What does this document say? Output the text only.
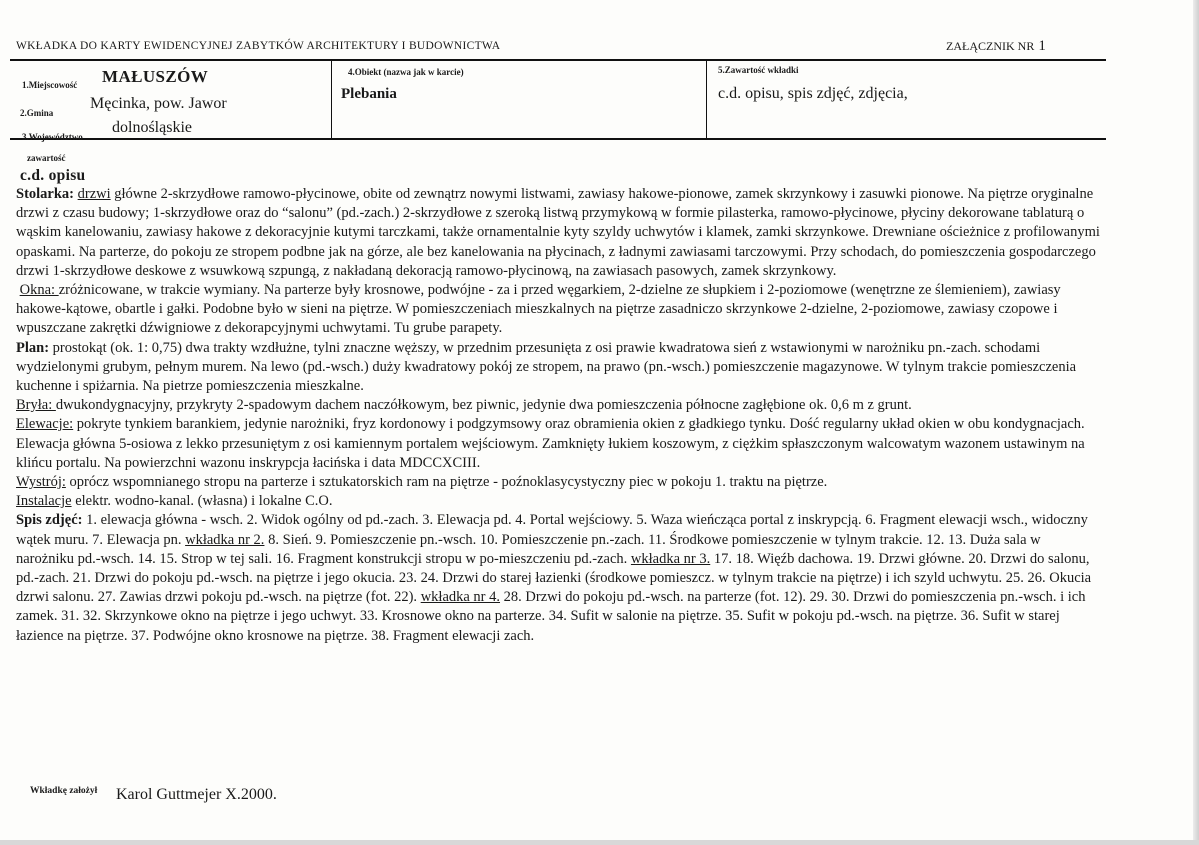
WKŁADKA DO KARTY EWIDENCYJNEJ ZABYTKÓW ARCHITEKTURY I BUDOWNICTWA	ZAŁĄCZNIK NR 1
1.Miejscowość MAŁUSZÓW
2.Gmina
Męcinka, pow. Jawor
3.Województwo
dolnośląskie
4.Obiekt (nazwa jak w karcie)
Plebania
5.Zawartość wkładki
c.d. opisu, spis zdjęć, zdjęcia,
zawartość
c.d. opisu

Stolarka: drzwi główne 2-skrzydłowe ramowo-płycinowe, obite od zewnątrz nowymi listwami, zawiasy hakowe-pionowe, zamek skrzynkowy i zasuwki pionowe. Na piętrze oryginalne drzwi z czasu budowy; 1-skrzydłowe oraz do “salonu” (pd.-zach.) 2-skrzydłowe z szeroką listwą przymykową w formie pilasterka, ramowo-płycinowe, płyciny dekorowane tablaturą o wąskim kanelowaniu, zawiasy hakowe z dekoracyjnie kutymi tarczkami, także ornamentalnie kyty szyldy uchwytów i klamek, zamki skrzynkowe. Drewniane ościeżnice z profilowanymi opaskami. Na parterze, do pokoju ze stropem podbne jak na górze, ale bez kanelowania na płycinach, z ładnymi zawiasami tarczowymi. Przy schodach, do pomieszczenia gospodarczego drzwi 1-skrzydłowe deskowe z wsuwkową szpungą, z nakładaną dekoracją ramowo-płycinową, na zawiasach pasowych, zamek skrzynkowy.

Okna: zróżnicowane, w trakcie wymiany. Na parterze były krosnowe, podwójne - za i przed węgarkiem, 2-dzielne ze słupkiem i 2-poziomowe (wenętrzne ze ślemieniem), zawiasy hakowe-kątowe, obartle i gałki. Podobne było w sieni na piętrze. W pomieszczeniach mieszkalnych na piętrze zasadniczo skrzynkowe 2-dzielne, 2-poziomowe, zawiasy czopowe i wpuszczane zakrętki dźwigniowe z dekorapcyjnymi uchwytami. Tu grube parapety.

Plan: prostokąt (ok. 1: 0,75) dwa trakty wzdłużne, tylni znaczne węższy, w przednim przesunięta z osi prawie kwadratowa sień z wstawionymi w narożniku pn.-zach. schodami wydzielonymi grubym, pełnym murem. Na lewo (pd.-wsch.) duży kwadratowy pokój ze stropem, na prawo (pn.-wsch.) pomieszczenie magazynowe. W tylnym trakcie pomieszczenia kuchenne i spiżarnia. Na pietrze pomieszczenia mieszkalne.

Bryła: dwukondygnacyjny, przykryty 2-spadowym dachem naczółkowym, bez piwnic, jedynie dwa pomieszczenia północne zagłębione ok. 0,6 m z grunt.

Elewacje: pokryte tynkiem barankiem, jedynie narożniki, fryz kordonowy i podgzymsowy oraz obramienia okien z gładkiego tynku. Dość regularny układ okien w obu kondygnacjach. Elewacja główna 5-osiowa z lekko przesuniętym z osi kamiennym portalem wejściowym. Zamknięty łukiem koszowym, z ciężkim spłaszczonym walcowatym wazonem ustawinym na klińcu portalu. Na powierzchni wazonu inskrypcja łacińska i data MDCCXCIII.

Wystrój: oprócz wspomnianego stropu na parterze i sztukatorskich ram na piętrze - poźnoklasycystyczny piec w pokoju 1. traktu na piętrze.

Instalacje elektr. wodno-kanal. (własna) i lokalne C.O.

Spis zdjęć: 1. elewacja główna - wsch. 2. Widok ogólny od pd.-zach. 3. Elewacja pd. 4. Portal wejściowy. 5. Waza wieńcząca portal z inskrypcją. 6. Fragment elewacji wsch., widoczny wątek muru. 7. Elewacja pn. wkładka nr 2. 8. Sień. 9. Pomieszczenie pn.-wsch. 10. Pomieszczenie pn.-zach. 11. Środkowe pomieszczenie w tylnym trakcie. 12. 13. Duża sala w narożniku pd.-wsch. 14. 15. Strop w tej sali. 16. Fragment konstrukcji stropu w po-mieszczeniu pd.-zach. wkładka nr 3. 17. 18. Więźb dachowa. 19. Drzwi główne. 20. Drzwi do salonu, pd.-zach. 21. Drzwi do pokoju pd.-wsch. na piętrze i jego okucia. 23. 24. Drzwi do starej łazienki (środkowe pomieszcz. w tylnym trakcie na piętrze) i ich szyld uchwytu. 25. 26. Okucia dzrwi salonu. 27. Zawias drzwi pokoju pd.-wsch. na piętrze (fot. 22). wkładka nr 4. 28. Drzwi do pokoju pd.-wsch. na parterze (fot. 12). 29. 30. Drzwi do pomieszczenia pn.-wsch. i ich zamek. 31. 32. Skrzynkowe okno na piętrze i jego uchwyt. 33. Krosnowe okno na parterze. 34. Sufit w salonie na piętrze. 35. Sufit w pokoju pd.-wsch. na piętrze. 36. Sufit w starej łazience na piętrze. 37. Podwójne okno krosnowe na piętrze. 38. Fragment elewacji zach.

Wkładkę założył Karol Guttmejer X.2000.
